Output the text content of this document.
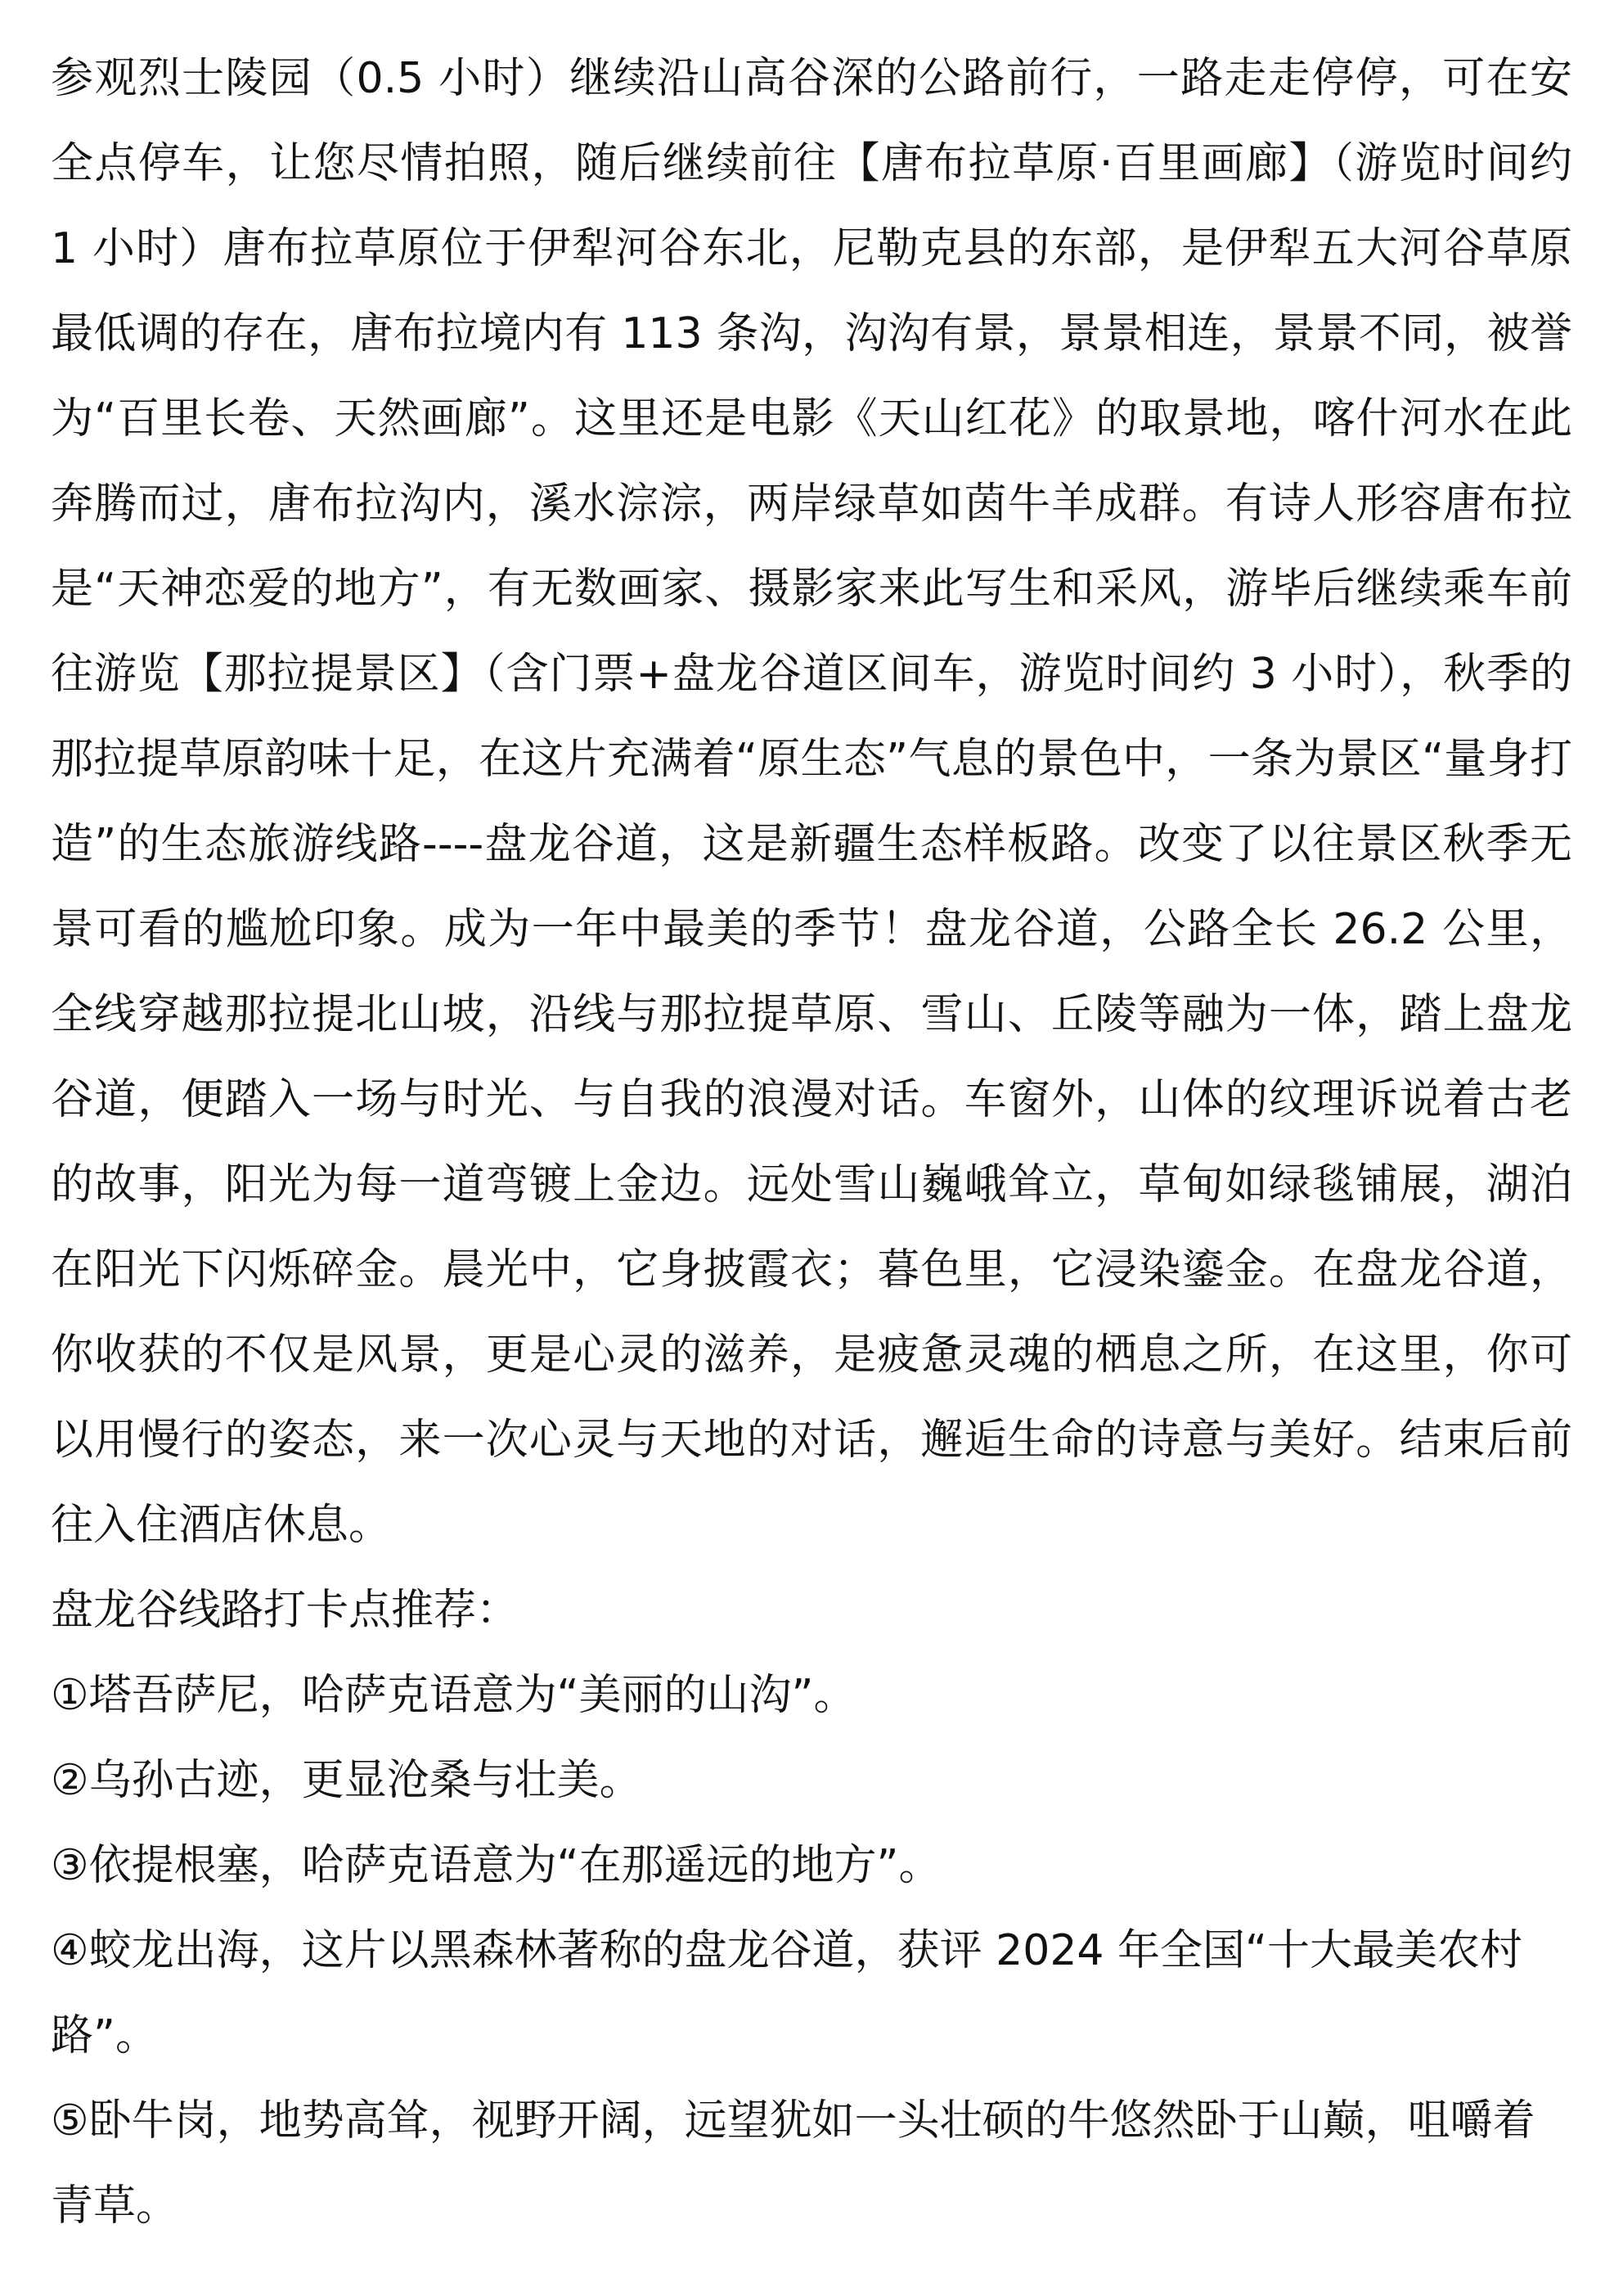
参观烈士陵园（0.5 小时）继续沿山高谷深的公路前行，一路走走停停，可在安全点停车，让您尽情拍照，随后继续前往【唐布拉草原·百里画廊】（游览时间约 1 小时）唐布拉草原位于伊犁河谷东北，尼勒克县的东部，是伊犁五大河谷草原最低调的存在，唐布拉境内有 113 条沟，沟沟有景，景景相连，景景不同，被誉为“百里长卷、天然画廊”。这里还是电影《天山红花》的取景地，喀什河水在此奔腾而过，唐布拉沟内，溪水淙淙，两岸绿草如茵牛羊成群。有诗人形容唐布拉是“天神恋爱的地方”，有无数画家、摄影家来此写生和采风，游毕后继续乘车前往游览【那拉提景区】（含门票+盘龙谷道区间车，游览时间约 3 小时），秋季的那拉提草原韵味十足，在这片充满着“原生态”气息的景色中，一条为景区“量身打造”的生态旅游线路----盘龙谷道，这是新疆生态样板路。改变了以往景区秋季无景可看的尴尬印象。成为一年中最美的季节！盘龙谷道，公路全长 26.2 公里，全线穿越那拉提北山坡，沿线与那拉提草原、雪山、丘陵等融为一体，踏上盘龙谷道，便踏入一场与时光、与自我的浪漫对话。车窗外，山体的纹理诉说着古老的故事，阳光为每一道弯镀上金边。远处雪山巍峨耸立，草甸如绿毯铺展，湖泊在阳光下闪烁碎金。晨光中，它身披霞衣；暮色里，它浸染鎏金。在盘龙谷道，你收获的不仅是风景，更是心灵的滋养，是疲惫灵魂的栖息之所，在这里，你可以用慢行的姿态，来一次心灵与天地的对话，邂逅生命的诗意与美好。结束后前往入住酒店休息。

盘龙谷线路打卡点推荐：

①塔吾萨尼，哈萨克语意为“美丽的山沟”。
②乌孙古迹，更显沧桑与壮美。
③依提根塞，哈萨克语意为“在那遥远的地方”。
④蛟龙出海，这片以黑森林著称的盘龙谷道，获评 2024 年全国“十大最美农村路”。
⑤卧牛岗，地势高耸，视野开阔，远望犹如一头壮硕的牛悠然卧于山巅，咀嚼着青草。
